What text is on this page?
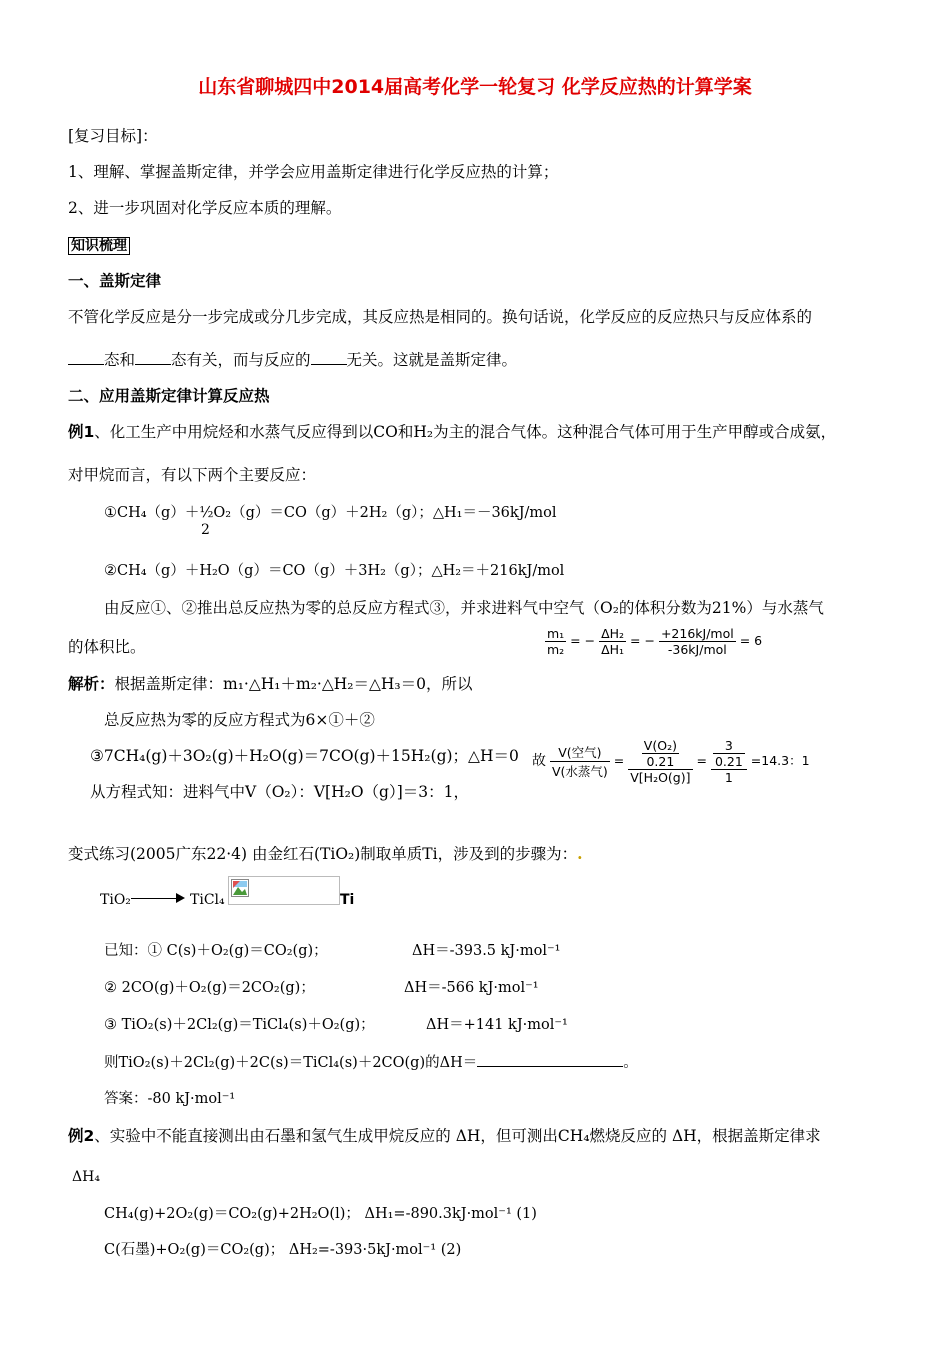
山东省聊城四中2014届高考化学一轮复习 化学反应热的计算学案
[复习目标]：
1、理解、掌握盖斯定律，并学会应用盖斯定律进行化学反应热的计算；
2、进一步巩固对化学反应本质的理解。
知识梳理
一、盖斯定律
不管化学反应是分一步完成或分几步完成，其反应热是相同的。换句话说，化学反应的反应热只与反应体系的
态和 态有关，而与反应的 无关。这就是盖斯定律。
二、应用盖斯定律计算反应热
例1、化工生产中用烷烃和水蒸气反应得到以CO和H₂为主的混合气体。这种混合气体可用于生产甲醇或合成氨，
对甲烷而言，有以下两个主要反应：
①CH₄（g）＋½O₂（g）＝CO（g）＋2H₂（g）；△H₁＝－36kJ/mol
2
②CH₄（g）＋H₂O（g）＝CO（g）＋3H₂（g）；△H₂＝＋216kJ/mol
由反应①、②推出总反应热为零的总反应方程式③，并求进料气中空气（O₂的体积分数为21%）与水蒸气
的体积比。	$\frac{\text{m₁}}{\text{m₂}}$ = − $\frac{\text{ΔH₂}}{\text{ΔH₁}}$ = − +216kJ/mol
-36kJ/mol
= 6
解析：根据盖斯定律：m₁·△H₁＋m₂·△H₂＝△H₃＝0，所以
总反应热为零的反应方程式为6×①＋②
③7CH₄(g)＋3O₂(g)＋H₂O(g)＝7CO(g)＋15H₂(g)；△H＝0
从方程式知：进料气中V（O₂）：V[H₂O（g）]＝3：1，
故
V(空气)
V(水蒸气)
= $\frac{\frac{\text{V(O₂)}}{0.21}}{\text{V[H₂O(g)]}} = \frac{\frac{3}{0.21}}{1} =14.3$：1
变式练习(2005广东22·4) 由金红石(TiO₂)制取单质Ti，涉及到的步骤为：.
TiO₂	TiCl₄	Ti
已知：① C(s)＋O₂(g)＝CO₂(g)；	ΔH＝-393.5 kJ·mol⁻¹
② 2CO(g)＋O₂(g)＝2CO₂(g)；	ΔH＝-566 kJ·mol⁻¹
③ TiO₂(s)＋2Cl₂(g)＝TiCl₄(s)＋O₂(g)；	ΔH＝+141 kJ·mol⁻¹
则TiO₂(s)＋2Cl₂(g)＋2C(s)＝TiCl₄(s)＋2CO(g)的ΔH＝	。
答案：-80 kJ·mol⁻¹
例2、实验中不能直接测出由石墨和氢气生成甲烷反应的 ΔH，但可测出CH₄燃烧反应的 ΔH，根据盖斯定律求
ΔH₄
CH₄(g)+2O₂(g)＝CO₂(g)+2H₂O(l)； ΔH₁=-890.3kJ·mol⁻¹ (1)
C(石墨)+O₂(g)＝CO₂(g)； ΔH₂=-393·5kJ·mol⁻¹ (2)
